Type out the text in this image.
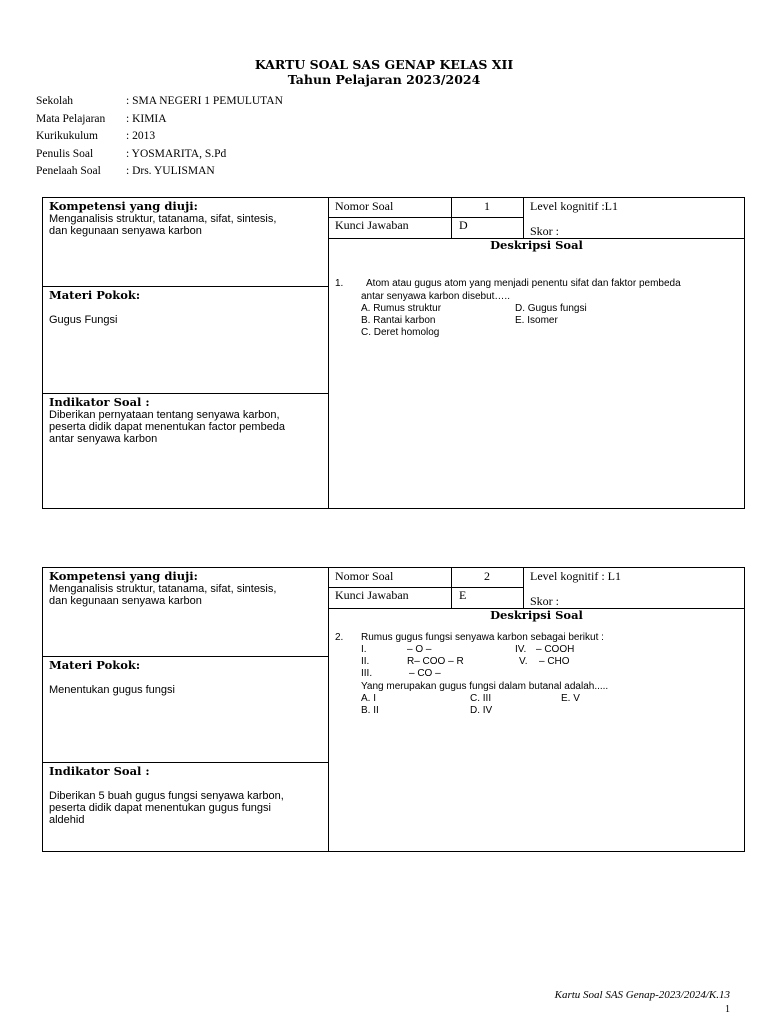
KARTU SOAL SAS GENAP KELAS XII
Tahun Pelajaran 2023/2024
Sekolah	: SMA NEGERI 1 PEMULUTAN
Mata Pelajaran : KIMIA
Kurikukulum : 2013
Penulis Soal	: YOSMARITA, S.Pd
Penelaah Soal : Drs. YULISMAN
Kompetensi yang diuji:
Menganalisis struktur, tatanama, sifat, sintesis,
dan kegunaan senyawa karbon
Materi Pokok:
Gugus Fungsi
Indikator Soal :
Diberikan pernyataan tentang senyawa karbon,
peserta didik dapat menentukan factor pembeda
antar senyawa karbon
Nomor Soal	1
Kunci Jawaban	D
Level kognitif :L1
Skor :
Deskripsi Soal
1. Atom atau gugus atom yang menjadi penentu sifat dan faktor pembeda
antar senyawa karbon disebut…..
A. Rumus struktur	D. Gugus fungsi
B. Rantai karbon	E. Isomer
C. Deret homolog
Kompetensi yang diuji:
Menganalisis struktur, tatanama, sifat, sintesis,
dan kegunaan senyawa karbon
Materi Pokok:
Menentukan gugus fungsi
Indikator Soal :
Diberikan 5 buah gugus fungsi senyawa karbon,
peserta didik dapat menentukan gugus fungsi
aldehid
Nomor Soal	2
Kunci Jawaban	E
Level kognitif : L1
Skor :
Deskripsi Soal
2. Rumus gugus fungsi senyawa karbon sebagai berikut :
I.	– O –	IV. – COOH
II.	R– COO – R	V. – CHO
III.	– CO –
Yang merupakan gugus fungsi dalam butanal adalah.....
A. I	C. III	E. V
B. II	D. IV
Kartu Soal SAS Genap-2023/2024/K.13
1
